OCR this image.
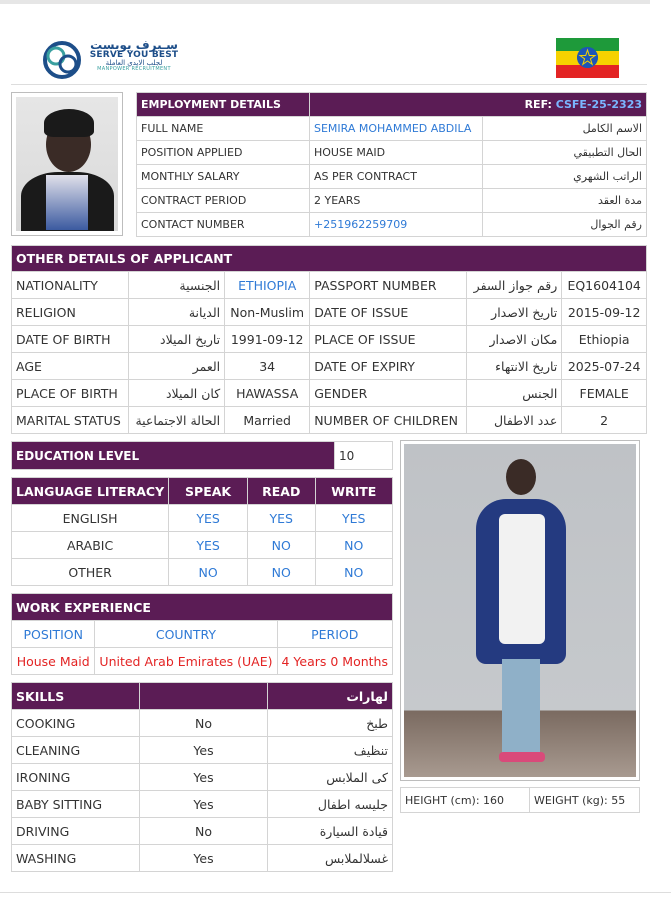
سـيرف يوبست
SERVE YOU BEST
لجلب الايدي العاملة
MANPOWER RECRUITMENT
EMPLOYMENT DETAILS	REF: CSFE-25-2323	
FULL NAME	SEMIRA MOHAMMED ABDILA	الاسم الكامل
POSITION APPLIED	HOUSE MAID	الحال التطبيقي
MONTHLY SALARY	AS PER CONTRACT	الراتب الشهري
CONTRACT PERIOD	2 YEARS	مدة العقد
CONTACT NUMBER	+251962259709	رقم الجوال
OTHER DETAILS OF APPLICANT					
NATIONALITY	الجنسية	ETHIOPIA	PASSPORT NUMBER	رقم جواز السفر	EQ1604104
RELIGION	الديانة	Non-Muslim	DATE OF ISSUE	تاريخ الاصدار	2015-09-12
DATE OF BIRTH	تاريخ الميلاد	1991-09-12	PLACE OF ISSUE	مكان الاصدار	Ethiopia
AGE	العمر	34	DATE OF EXPIRY	تاريخ الانتهاء	2025-07-24
PLACE OF BIRTH	كان الميلاد	HAWASSA	GENDER	الجنس	FEMALE
MARITAL STATUS	الحالة الاجتماعية	Married	NUMBER OF CHILDREN	عدد الاطفال	2
EDUCATION LEVEL	10
LANGUAGE LITERACY	SPEAK	READ	WRITE
ENGLISH	YES	YES	YES
ARABIC	YES	NO	NO
OTHER	NO	NO	NO
WORK EXPERIENCE		
POSITION	COUNTRY	PERIOD
House Maid	United Arab Emirates (UAE)	4 Years 0 Months
SKILLS		لهارات
COOKING	No	طبخ
CLEANING	Yes	تنظيف
IRONING	Yes	كى الملابس
BABY SITTING	Yes	جليسه اطفال
DRIVING	No	قيادة السيارة
WASHING	Yes	غسلالملابس
HEIGHT (cm): 160	WEIGHT (kg): 55
